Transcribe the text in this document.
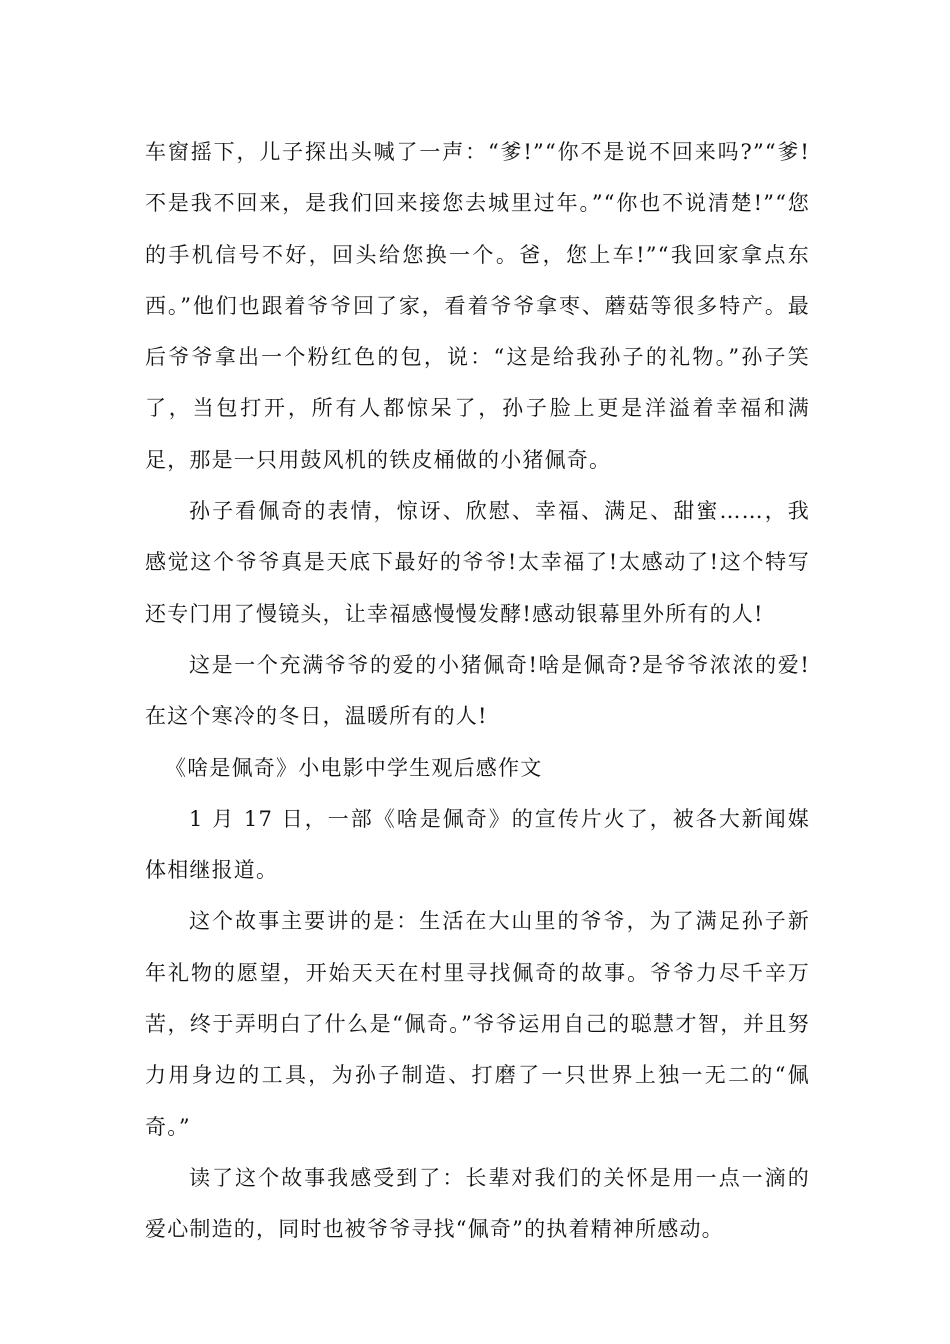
车窗摇下，儿子探出头喊了一声：“爹!”“你不是说不回来吗?”“爹!不是我不回来，是我们回来接您去城里过年。”“你也不说清楚!”“您的手机信号不好，回头给您换一个。爸，您上车!”“我回家拿点东西。”他们也跟着爷爷回了家，看着爷爷拿枣、蘑菇等很多特产。最后爷爷拿出一个粉红色的包，说：“这是给我孙子的礼物。”孙子笑了，当包打开，所有人都惊呆了，孙子脸上更是洋溢着幸福和满足，那是一只用鼓风机的铁皮桶做的小猪佩奇。

孙子看佩奇的表情，惊讶、欣慰、幸福、满足、甜蜜……，我感觉这个爷爷真是天底下最好的爷爷!太幸福了!太感动了!这个特写还专门用了慢镜头，让幸福感慢慢发酵!感动银幕里外所有的人!

这是一个充满爷爷的爱的小猪佩奇!啥是佩奇?是爷爷浓浓的爱!在这个寒冷的冬日，温暖所有的人!

《啥是佩奇》小电影中学生观后感作文

1 月 17 日，一部《啥是佩奇》的宣传片火了，被各大新闻媒体相继报道。

这个故事主要讲的是：生活在大山里的爷爷，为了满足孙子新年礼物的愿望，开始天天在村里寻找佩奇的故事。爷爷力尽千辛万苦，终于弄明白了什么是“佩奇。”爷爷运用自己的聪慧才智，并且努力用身边的工具，为孙子制造、打磨了一只世界上独一无二的“佩奇。”

读了这个故事我感受到了：长辈对我们的关怀是用一点一滴的爱心制造的，同时也被爷爷寻找“佩奇”的执着精神所感动。
